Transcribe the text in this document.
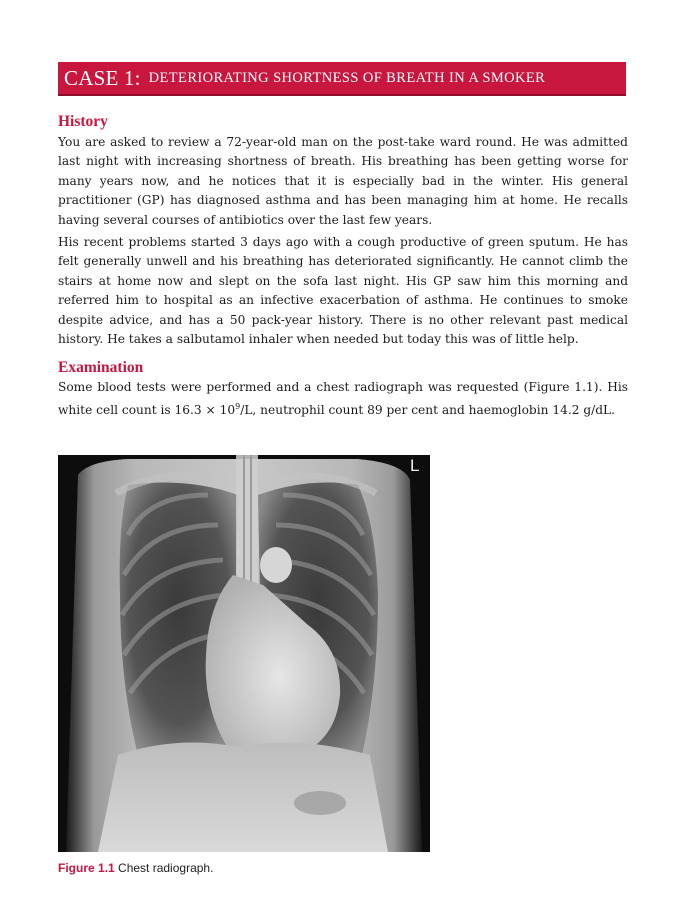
CASE 1: DETERIORATING SHORTNESS OF BREATH IN A SMOKER
History

You are asked to review a 72-year-old man on the post-take ward round. He was admitted last night with increasing shortness of breath. His breathing has been getting worse for many years now, and he notices that it is especially bad in the winter. His general practitioner (GP) has diagnosed asthma and has been managing him at home. He recalls having several courses of antibiotics over the last few years.

His recent problems started 3 days ago with a cough productive of green sputum. He has felt generally unwell and his breathing has deteriorated significantly. He cannot climb the stairs at home now and slept on the sofa last night. His GP saw him this morning and referred him to hospital as an infective exacerbation of asthma. He continues to smoke despite advice, and has a 50 pack-year history. There is no other relevant past medical history. He takes a salbutamol inhaler when needed but today this was of little help.

Examination

Some blood tests were performed and a chest radiograph was requested (Figure 1.1). His white cell count is $16.3 \times 10^9/L$, neutrophil count 89 per cent and haemoglobin 14.2 g/dL.

L
Figure 1.1 Chest radiograph.
